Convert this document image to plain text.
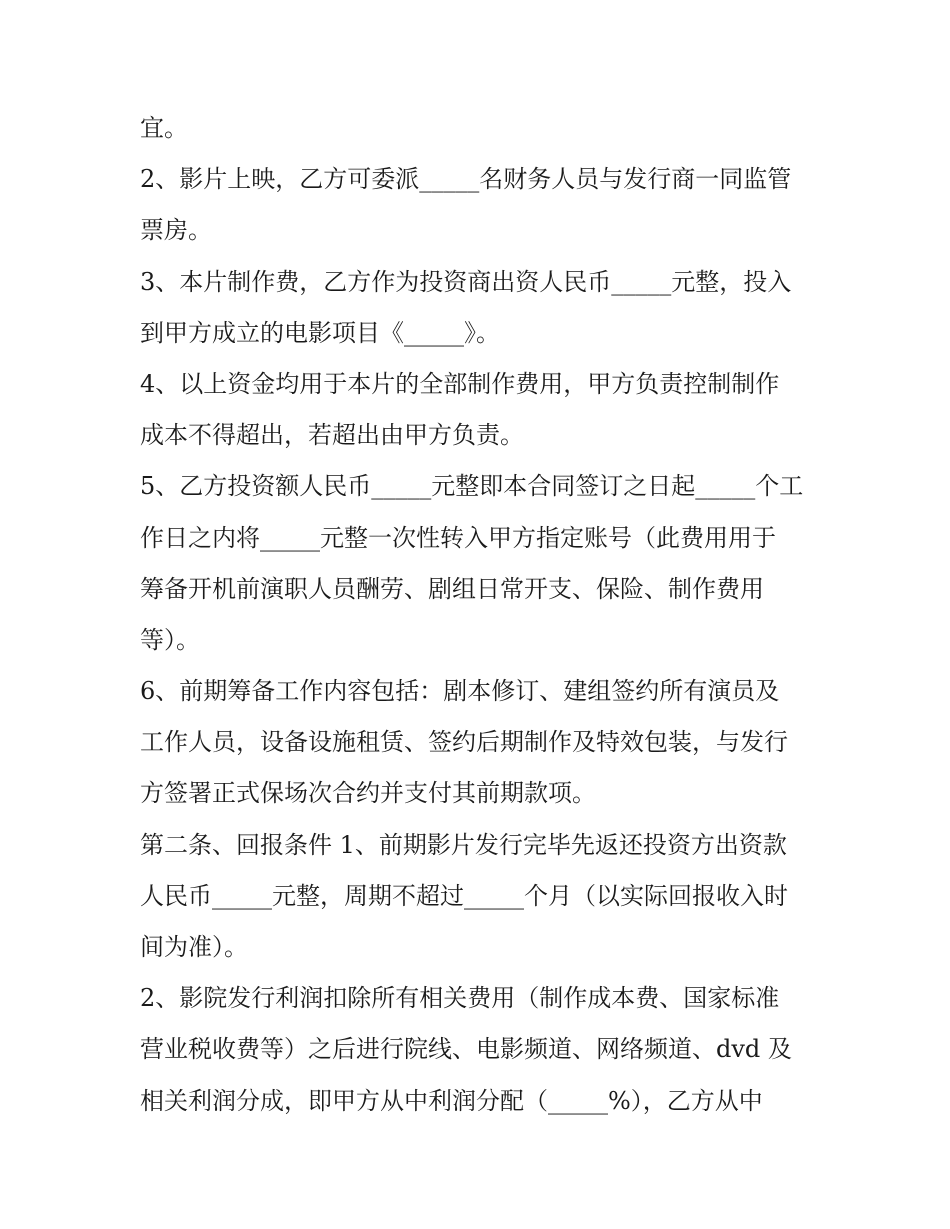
宜。

2、影片上映，乙方可委派_____名财务人员与发行商一同监管

票房。

3、本片制作费，乙方作为投资商出资人民币_____元整，投入

到甲方成立的电影项目《_____》。

4、以上资金均用于本片的全部制作费用，甲方负责控制制作

成本不得超出，若超出由甲方负责。

5、乙方投资额人民币_____元整即本合同签订之日起_____个工

作日之内将_____元整一次性转入甲方指定账号（此费用用于

筹备开机前演职人员酬劳、剧组日常开支、保险、制作费用

等）。

6、前期筹备工作内容包括：剧本修订、建组签约所有演员及

工作人员，设备设施租赁、签约后期制作及特效包装，与发行

方签署正式保场次合约并支付其前期款项。

第二条、回报条件 1、前期影片发行完毕先返还投资方出资款

人民币_____元整，周期不超过_____个月（以实际回报收入时

间为准）。

2、影院发行利润扣除所有相关费用（制作成本费、国家标准

营业税收费等）之后进行院线、电影频道、网络频道、dvd 及

相关利润分成，即甲方从中利润分配（_____%），乙方从中
